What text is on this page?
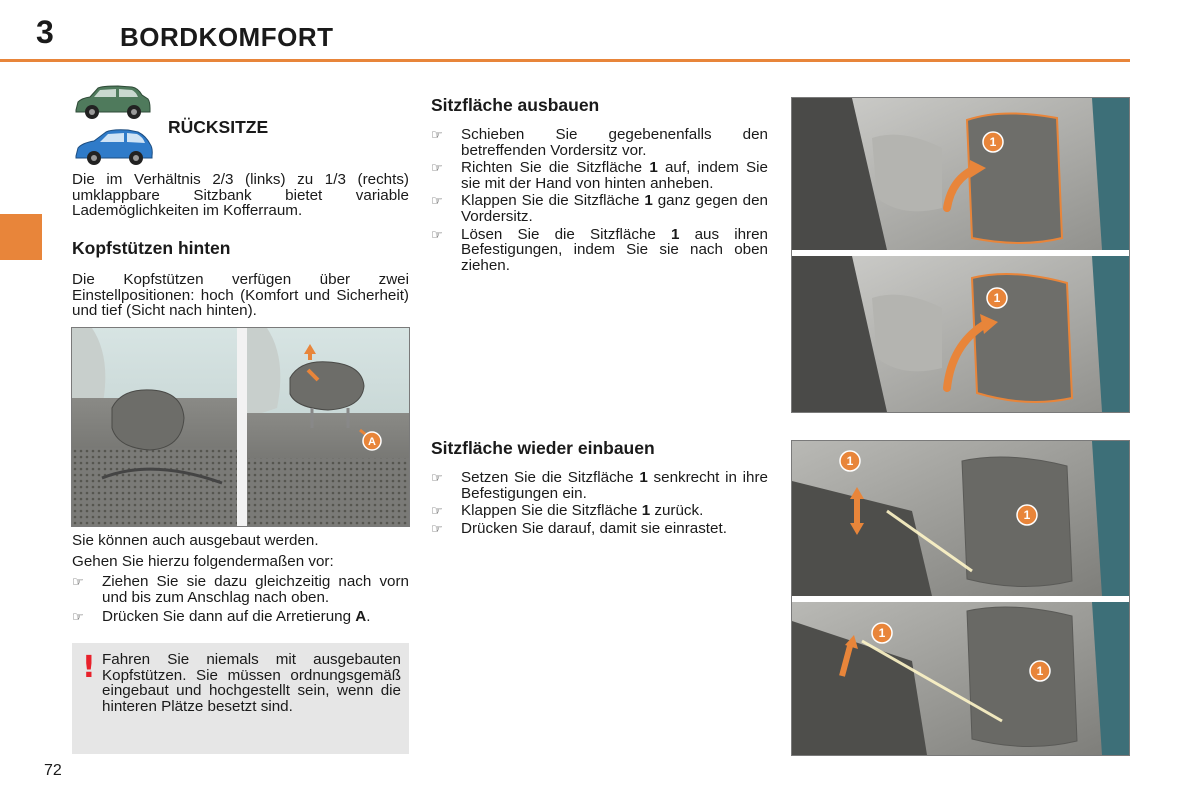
3	BORDKOMFORT
RÜCKSITZE
Die im Verhältnis 2/3 (links) zu 1/3 (rechts) umklappbare Sitzbank bietet variable Lademöglichkeiten im Kofferraum.
Kopfstützen hinten
Die Kopfstützen verfügen über zwei Einstellpositionen: hoch (Komfort und Sicherheit) und tief (Sicht nach hinten).
A
Sie können auch ausgebaut werden.
Gehen Sie hierzu folgendermaßen vor:
☞ Ziehen Sie sie dazu gleichzeitig nach vorn und bis zum Anschlag nach oben.
☞ Drücken Sie dann auf die Arretierung A.
! Fahren Sie niemals mit ausgebauten Kopfstützen. Sie müssen ordnungsgemäß eingebaut und hochgestellt sein, wenn die hinteren Plätze besetzt sind.
Sitzfläche ausbauen
☞ Schieben Sie gegebenenfalls den betreffenden Vordersitz vor.
☞ Richten Sie die Sitzfläche 1 auf, indem Sie sie mit der Hand von hinten anheben.
☞ Klappen Sie die Sitzfläche 1 ganz gegen den Vordersitz.
☞ Lösen Sie die Sitzfläche 1 aus ihren Befestigungen, indem Sie sie nach oben ziehen.
Sitzfläche wieder einbauen
☞ Setzen Sie die Sitzfläche 1 senkrecht in ihre Befestigungen ein.
☞ Klappen Sie die Sitzfläche 1 zurück.
☞ Drücken Sie darauf, damit sie einrastet.
1
1
1
1
1
1
72
